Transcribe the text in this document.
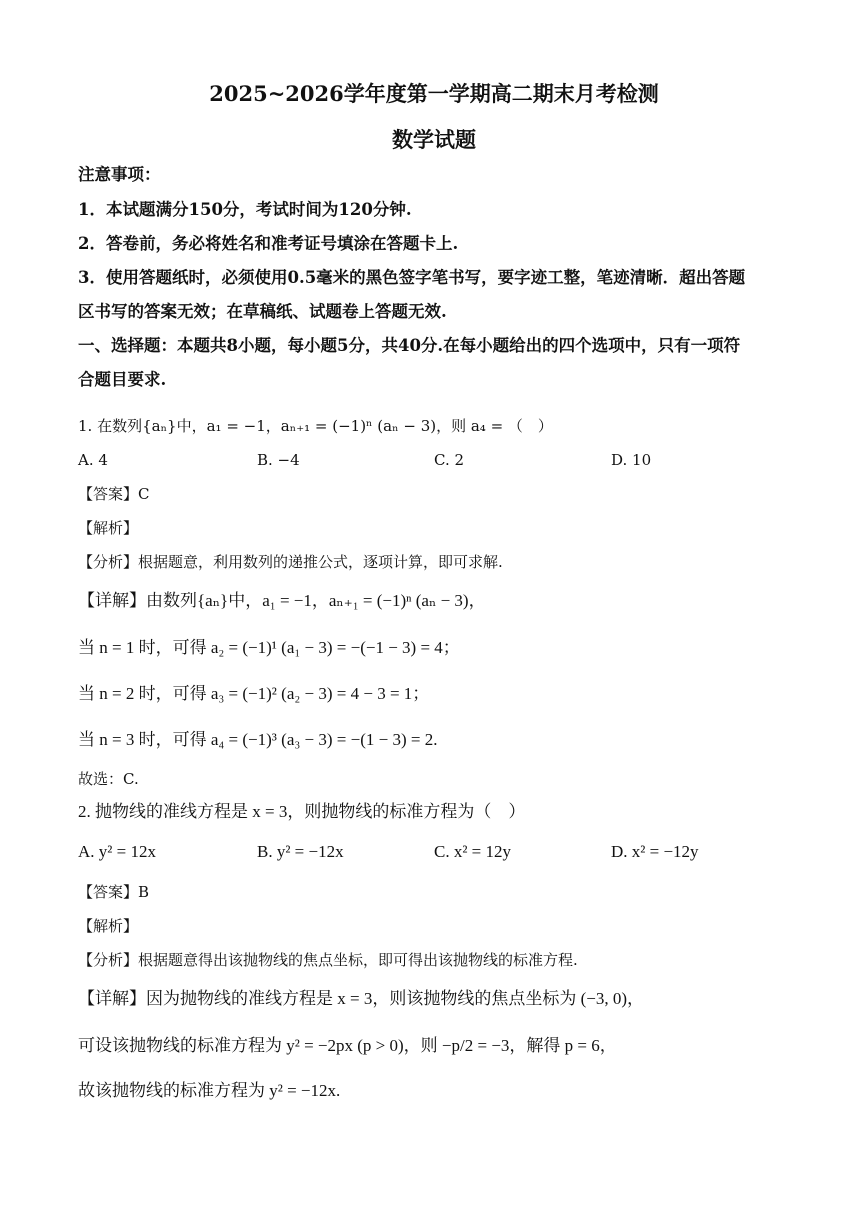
2025~2026学年度第一学期高二期末月考检测
数学试题
注意事项：
1．本试题满分150分，考试时间为120分钟.
2．答卷前，务必将姓名和准考证号填涂在答题卡上.
3．使用答题纸时，必须使用0.5毫米的黑色签字笔书写，要字迹工整，笔迹清晰．超出答题
区书写的答案无效；在草稿纸、试题卷上答题无效.
一、选择题：本题共8小题，每小题5分，共40分.在每小题给出的四个选项中，只有一项符
合题目要求.
1. 在数列{aₙ}中，a₁ = −1，aₙ₊₁ = (−1)ⁿ (aₙ − 3)，则 a₄ = （　）
A. 4	B. −4	C. 2	D. 10
【答案】C
【解析】
【分析】根据题意，利用数列的递推公式，逐项计算，即可求解.
【详解】由数列{aₙ}中，a₁ = −1，aₙ₊₁ = (−1)ⁿ (aₙ − 3)，
当 n = 1 时，可得 a₂ = (−1)¹ (a₁ − 3) = −(−1 − 3) = 4；
当 n = 2 时，可得 a₃ = (−1)² (a₂ − 3) = 4 − 3 = 1；
当 n = 3 时，可得 a₄ = (−1)³ (a₃ − 3) = −(1 − 3) = 2.
故选：C.
2. 抛物线的准线方程是 x = 3，则抛物线的标准方程为（　）
A. y² = 12x	B. y² = −12x	C. x² = 12y	D. x² = −12y
【答案】B
【解析】
【分析】根据题意得出该抛物线的焦点坐标，即可得出该抛物线的标准方程.
【详解】因为抛物线的准线方程是 x = 3，则该抛物线的焦点坐标为 (−3, 0)，
可设该抛物线的标准方程为 y² = −2px (p > 0)，则 −p/2 = −3，解得 p = 6，
故该抛物线的标准方程为 y² = −12x.
